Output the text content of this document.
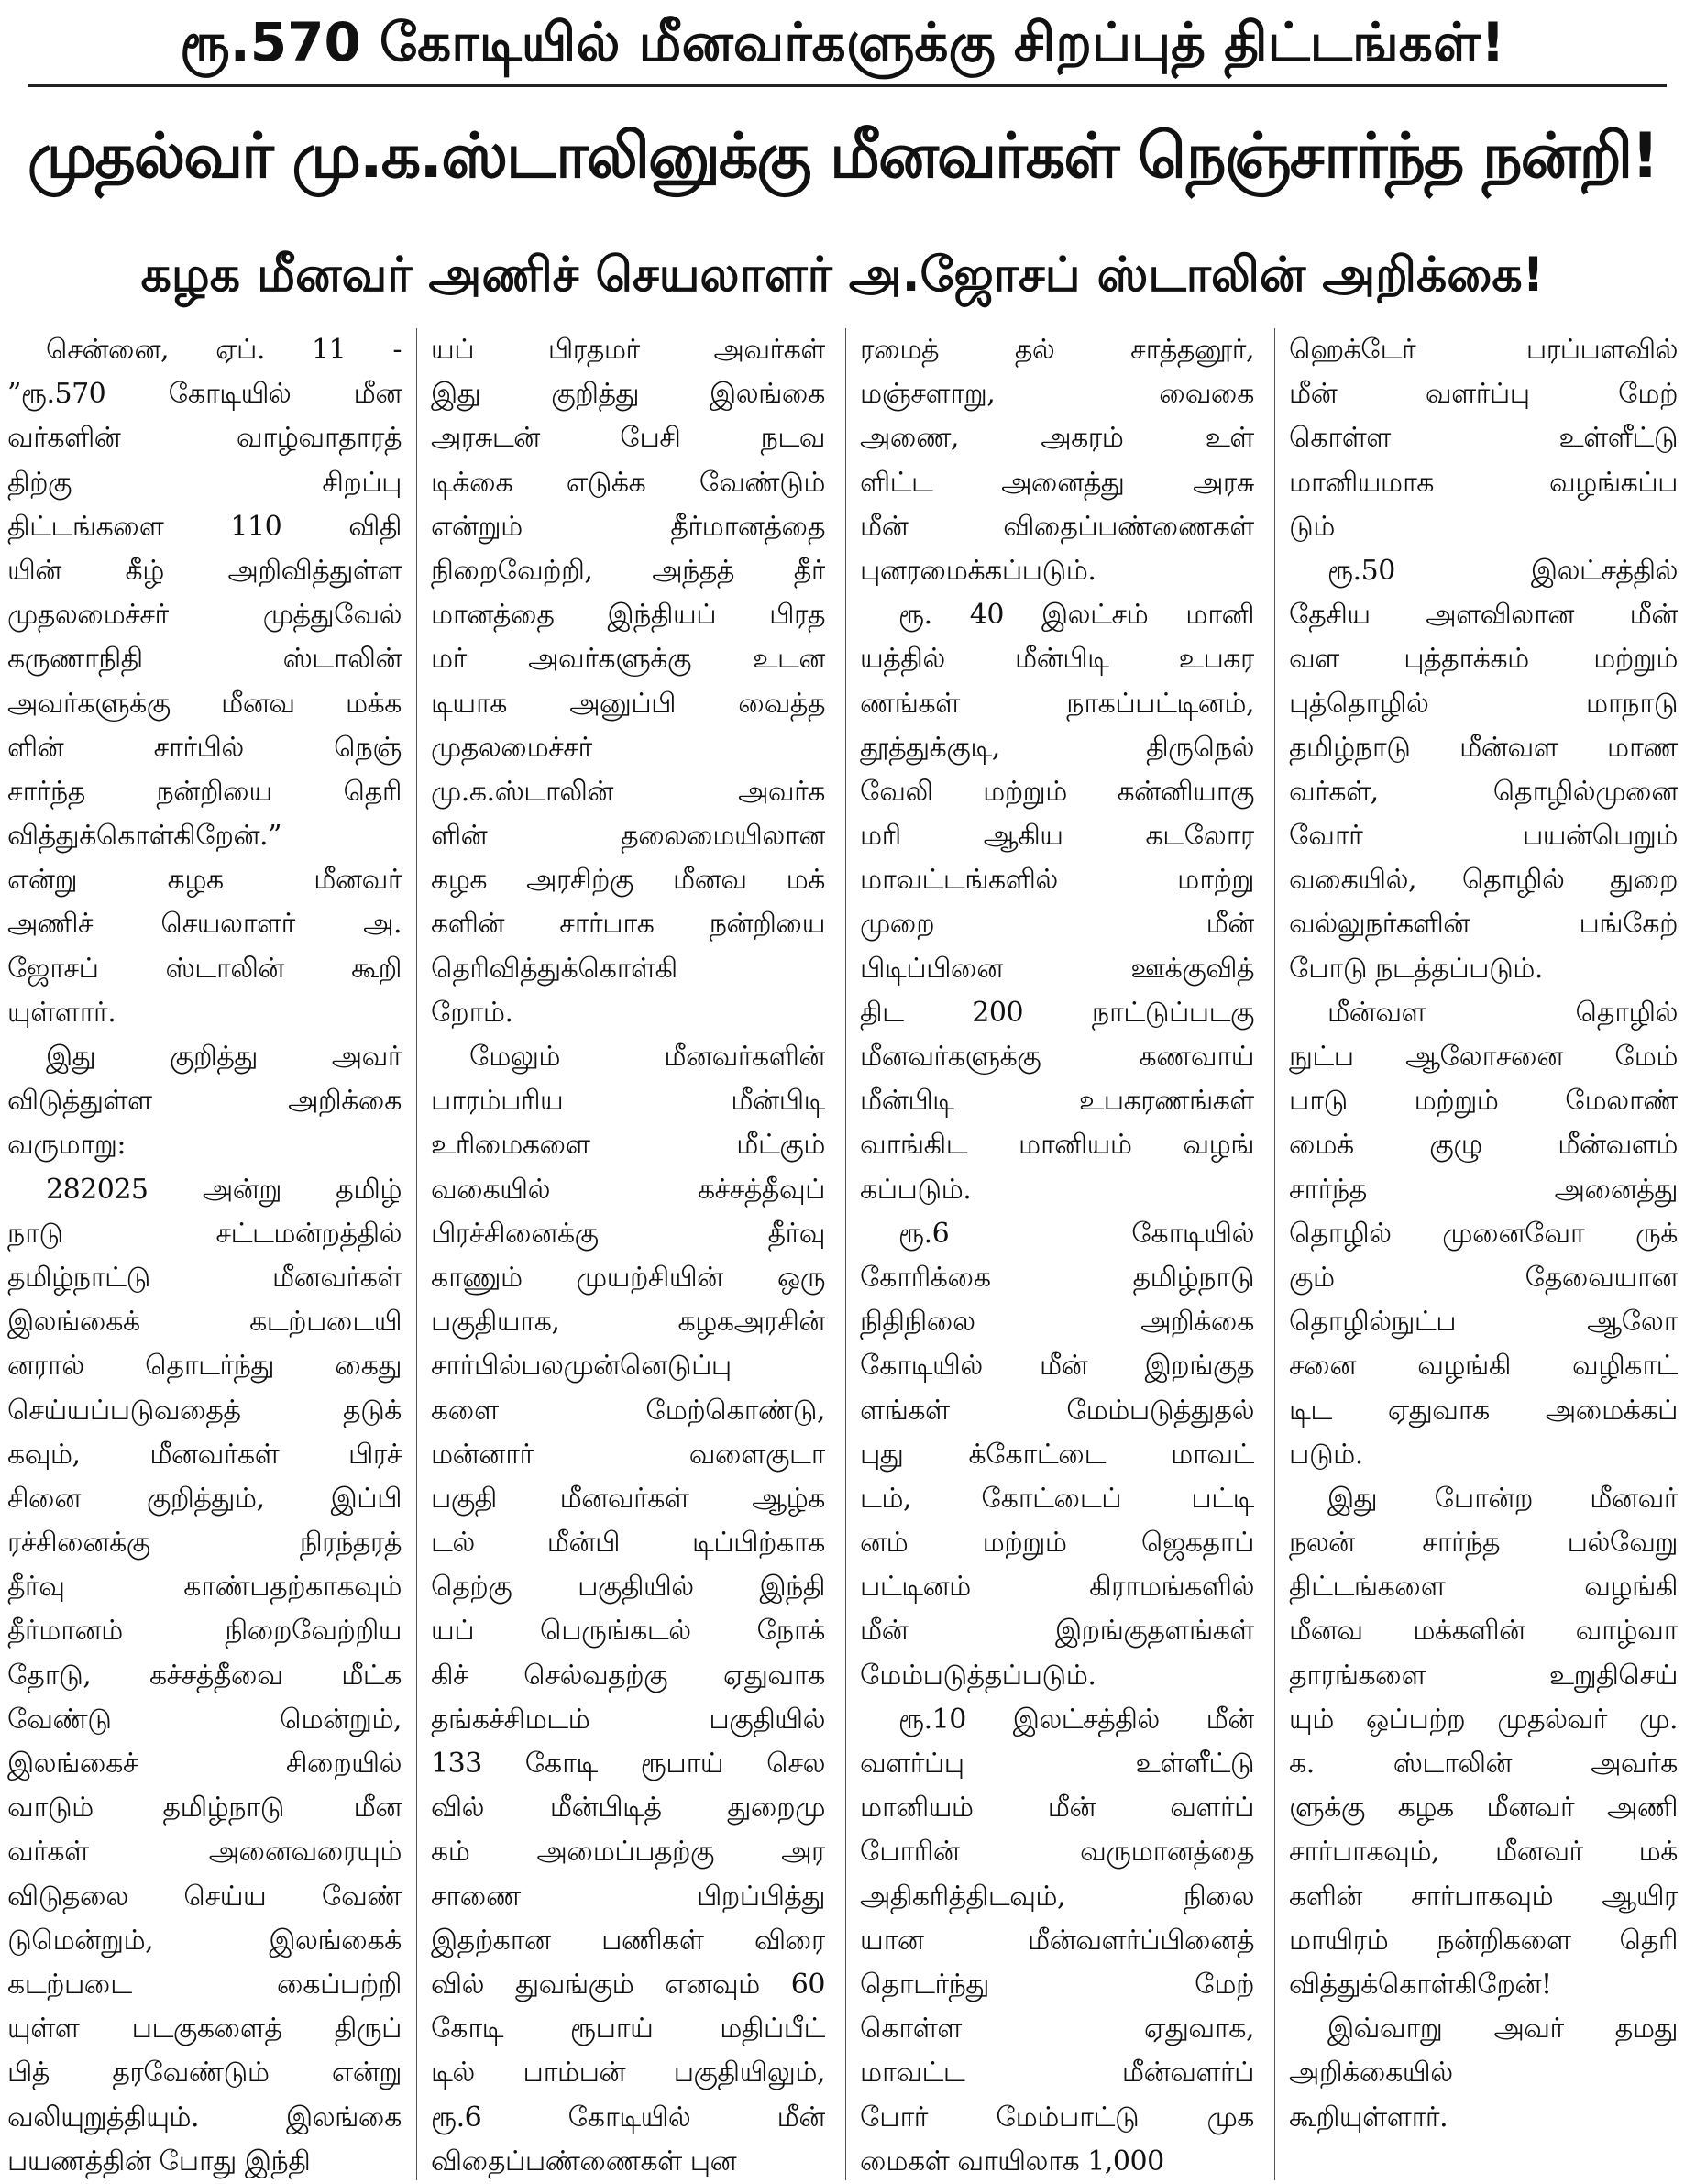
ரூ.570 கோடியில் மீனவர்களுக்கு சிறப்புத் திட்டங்கள்!
முதல்வர் மு.க.ஸ்டாலினுக்கு மீனவர்கள் நெஞ்சார்ந்த நன்றி!
கழக மீனவர் அணிச் செயலாளர் அ.ஜோசப் ஸ்டாலின் அறிக்கை!
சென்னை, ஏப். 11 -
”ரூ.570 கோடியில் மீன
வர்களின் வாழ்வாதாரத்
திற்கு சிறப்பு
திட்டங்களை 110 விதி
யின் கீழ் அறிவித்துள்ள
முதலமைச்சர் முத்துவேல்
கருணாநிதி ஸ்டாலின்
அவர்களுக்கு மீனவ மக்க
ளின் சார்பில் நெஞ்
சார்ந்த நன்றியை தெரி
வித்துக்கொள்கிறேன்.”
என்று கழக மீனவர்
அணிச் செயலாளர் அ.
ஜோசப் ஸ்டாலின் கூறி
யுள்ளார்.
இது குறித்து அவர்
விடுத்துள்ள அறிக்கை
வருமாறு:
282025 அன்று தமிழ்
நாடு சட்டமன்றத்தில்
தமிழ்நாட்டு மீனவர்கள்
இலங்கைக் கடற்படையி
னரால் தொடர்ந்து கைது
செய்யப்படுவதைத் தடுக்
கவும், மீனவர்கள் பிரச்
சினை குறித்தும், இப்பி
ரச்சினைக்கு நிரந்தரத்
தீர்வு காண்பதற்காகவும்
தீர்மானம் நிறைவேற்றிய
தோடு, கச்சத்தீவை மீட்க
வேண்டு மென்றும்,
இலங்கைச் சிறையில்
வாடும் தமிழ்நாடு மீன
வர்கள் அனைவரையும்
விடுதலை செய்ய வேண்
டுமென்றும், இலங்கைக்
கடற்படை கைப்பற்றி
யுள்ள படகுகளைத் திருப்
பித் தரவேண்டும் என்று
வலியுறுத்தியும். இலங்கை
பயணத்தின் போது இந்தி
யப் பிரதமர் அவர்கள்
இது குறித்து இலங்கை
அரசுடன் பேசி நடவ
டிக்கை எடுக்க வேண்டும்
என்றும் தீர்மானத்தை
நிறைவேற்றி, அந்தத் தீர்
மானத்தை இந்தியப் பிரத
மர் அவர்களுக்கு உடன
டியாக அனுப்பி வைத்த
முதலமைச்சர்
மு.க.ஸ்டாலின் அவர்க
ளின் தலைமையிலான
கழக அரசிற்கு மீனவ மக்
களின் சார்பாக நன்றியை
தெரிவித்துக்கொள்கி
றோம்.
மேலும் மீனவர்களின்
பாரம்பரிய மீன்பிடி
உரிமைகளை மீட்கும்
வகையில் கச்சத்தீவுப்
பிரச்சினைக்கு தீர்வு
காணும் முயற்சியின் ஒரு
பகுதியாக, கழகஅரசின்
சார்பில்பலமுன்னெடுப்பு
களை மேற்கொண்டு,
மன்னார் வளைகுடா
பகுதி மீனவர்கள் ஆழ்க
டல் மீன்பி டிப்பிற்காக
தெற்கு பகுதியில் இந்தி
யப் பெருங்கடல் நோக்
கிச் செல்வதற்கு ஏதுவாக
தங்கச்சிமடம் பகுதியில்
133 கோடி ரூபாய் செல
வில் மீன்பிடித் துறைமு
கம் அமைப்பதற்கு அர
சாணை பிறப்பித்து
இதற்கான பணிகள் விரை
வில் துவங்கும் எனவும் 60
கோடி ரூபாய் மதிப்பீட்
டில் பாம்பன் பகுதியிலும்,
ரூ.6 கோடியில் மீன்
விதைப்பண்ணைகள் புன
ரமைத் தல் சாத்தனூர்,
மஞ்சளாறு, வைகை
அணை, அகரம் உள்
ளிட்ட அனைத்து அரசு
மீன் விதைப்பண்ணைகள்
புனரமைக்கப்படும்.
ரூ. 40 இலட்சம் மானி
யத்தில் மீன்பிடி உபகர
ணங்கள் நாகப்பட்டினம்,
தூத்துக்குடி, திருநெல்
வேலி மற்றும் கன்னியாகு
மரி ஆகிய கடலோர
மாவட்டங்களில் மாற்று
முறை மீன்
பிடிப்பினை ஊக்குவித்
திட 200 நாட்டுப்படகு
மீனவர்களுக்கு கணவாய்
மீன்பிடி உபகரணங்கள்
வாங்கிட மானியம் வழங்
கப்படும்.
ரூ.6 கோடியில்
கோரிக்கை தமிழ்நாடு
நிதிநிலை அறிக்கை
கோடியில் மீன் இறங்குத
ளங்கள் மேம்படுத்துதல்
புது க்கோட்டை மாவட்
டம், கோட்டைப் பட்டி
னம் மற்றும் ஜெகதாப்
பட்டினம் கிராமங்களில்
மீன் இறங்குதளங்கள்
மேம்படுத்தப்படும்.
ரூ.10 இலட்சத்தில் மீன்
வளர்ப்பு உள்ளீட்டு
மானியம் மீன் வளர்ப்
போரின் வருமானத்தை
அதிகரித்திடவும், நிலை
யான மீன்வளர்ப்பினைத்
தொடர்ந்து மேற்
கொள்ள ஏதுவாக,
மாவட்ட மீன்வளர்ப்
போர் மேம்பாட்டு முக
மைகள் வாயிலாக 1,000
ஹெக்டேர் பரப்பளவில்
மீன் வளர்ப்பு மேற்
கொள்ள உள்ளீட்டு
மானியமாக வழங்கப்ப
டும்
ரூ.50 இலட்சத்தில்
தேசிய அளவிலான மீன்
வள புத்தாக்கம் மற்றும்
புத்தொழில் மாநாடு
தமிழ்நாடு மீன்வள மாண
வர்கள், தொழில்முனை
வோர் பயன்பெறும்
வகையில், தொழில் துறை
வல்லுநர்களின் பங்கேற்
போடு நடத்தப்படும்.
மீன்வள தொழில்
நுட்ப ஆலோசனை மேம்
பாடு மற்றும் மேலாண்
மைக் குழு மீன்வளம்
சார்ந்த அனைத்து
தொழில் முனைவோ ருக்
கும் தேவையான
தொழில்நுட்ப ஆலோ
சனை வழங்கி வழிகாட்
டிட ஏதுவாக அமைக்கப்
படும்.
இது போன்ற மீனவர்
நலன் சார்ந்த பல்வேறு
திட்டங்களை வழங்கி
மீனவ மக்களின் வாழ்வா
தாரங்களை உறுதிசெய்
யும் ஒப்பற்ற முதல்வர் மு.
க. ஸ்டாலின் அவர்க
ளுக்கு கழக மீனவர் அணி
சார்பாகவும், மீனவர் மக்
களின் சார்பாகவும் ஆயிர
மாயிரம் நன்றிகளை தெரி
வித்துக்கொள்கிறேன்!
இவ்வாறு அவர் தமது
அறிக்கையில்
கூறியுள்ளார்.
